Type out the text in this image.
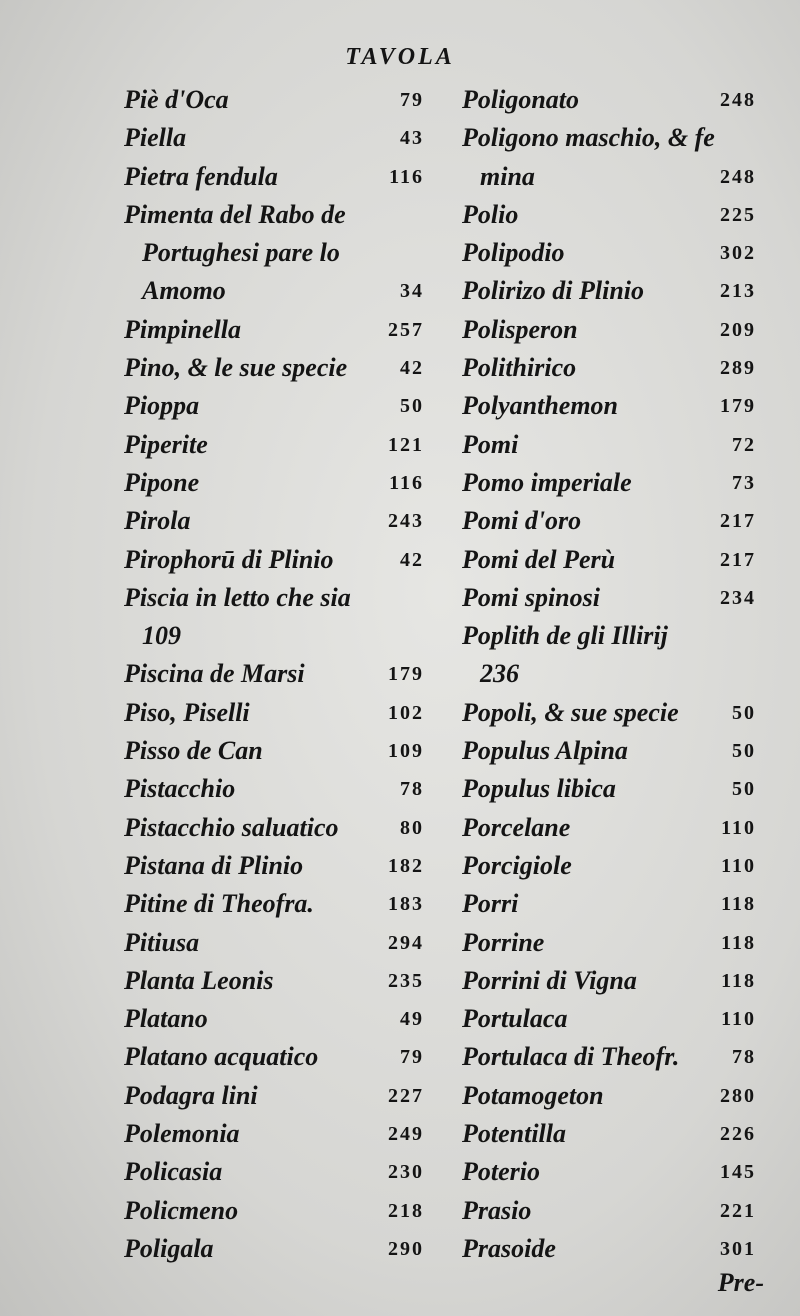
TAVOLA
Piè d'Oca	79
Piella	43
Pietra fendula	116
Pimenta del Rabo de
Portughesi pare lo
Amomo	34
Pimpinella	257
Pino, & le sue specie	42
Pioppa	50
Piperite	121
Pipone	116
Pirola	243
Pirophorū di Plinio	42
Piscia in letto che sia
109
Piscina de Marsi	179
Piso, Piselli	102
Pisso de Can	109
Pistacchio	78
Pistacchio saluatico	80
Pistana di Plinio	182
Pitine di Theofra.	183
Pitiusa	294
Planta Leonis	235
Platano	49
Platano acquatico	79
Podagra lini	227
Polemonia	249
Policasia	230
Policmeno	218
Poligala	290
Poligonato	248
Poligono maschio, & fe
mina	248
Polio	225
Polipodio	302
Polirizo di Plinio	213
Polisperon	209
Polithirico	289
Polyanthemon	179
Pomi	72
Pomo imperiale	73
Pomi d'oro	217
Pomi del Perù	217
Pomi spinosi	234
Poplith de gli Illirij
236
Popoli, & sue specie	50
Populus Alpina	50
Populus libica	50
Porcelane	110
Porcigiole	110
Porri	118
Porrine	118
Porrini di Vigna	118
Portulaca	110
Portulaca di Theofr.	78
Potamogeton	280
Potentilla	226
Poterio	145
Prasio	221
Prasoide	301
Pre-
